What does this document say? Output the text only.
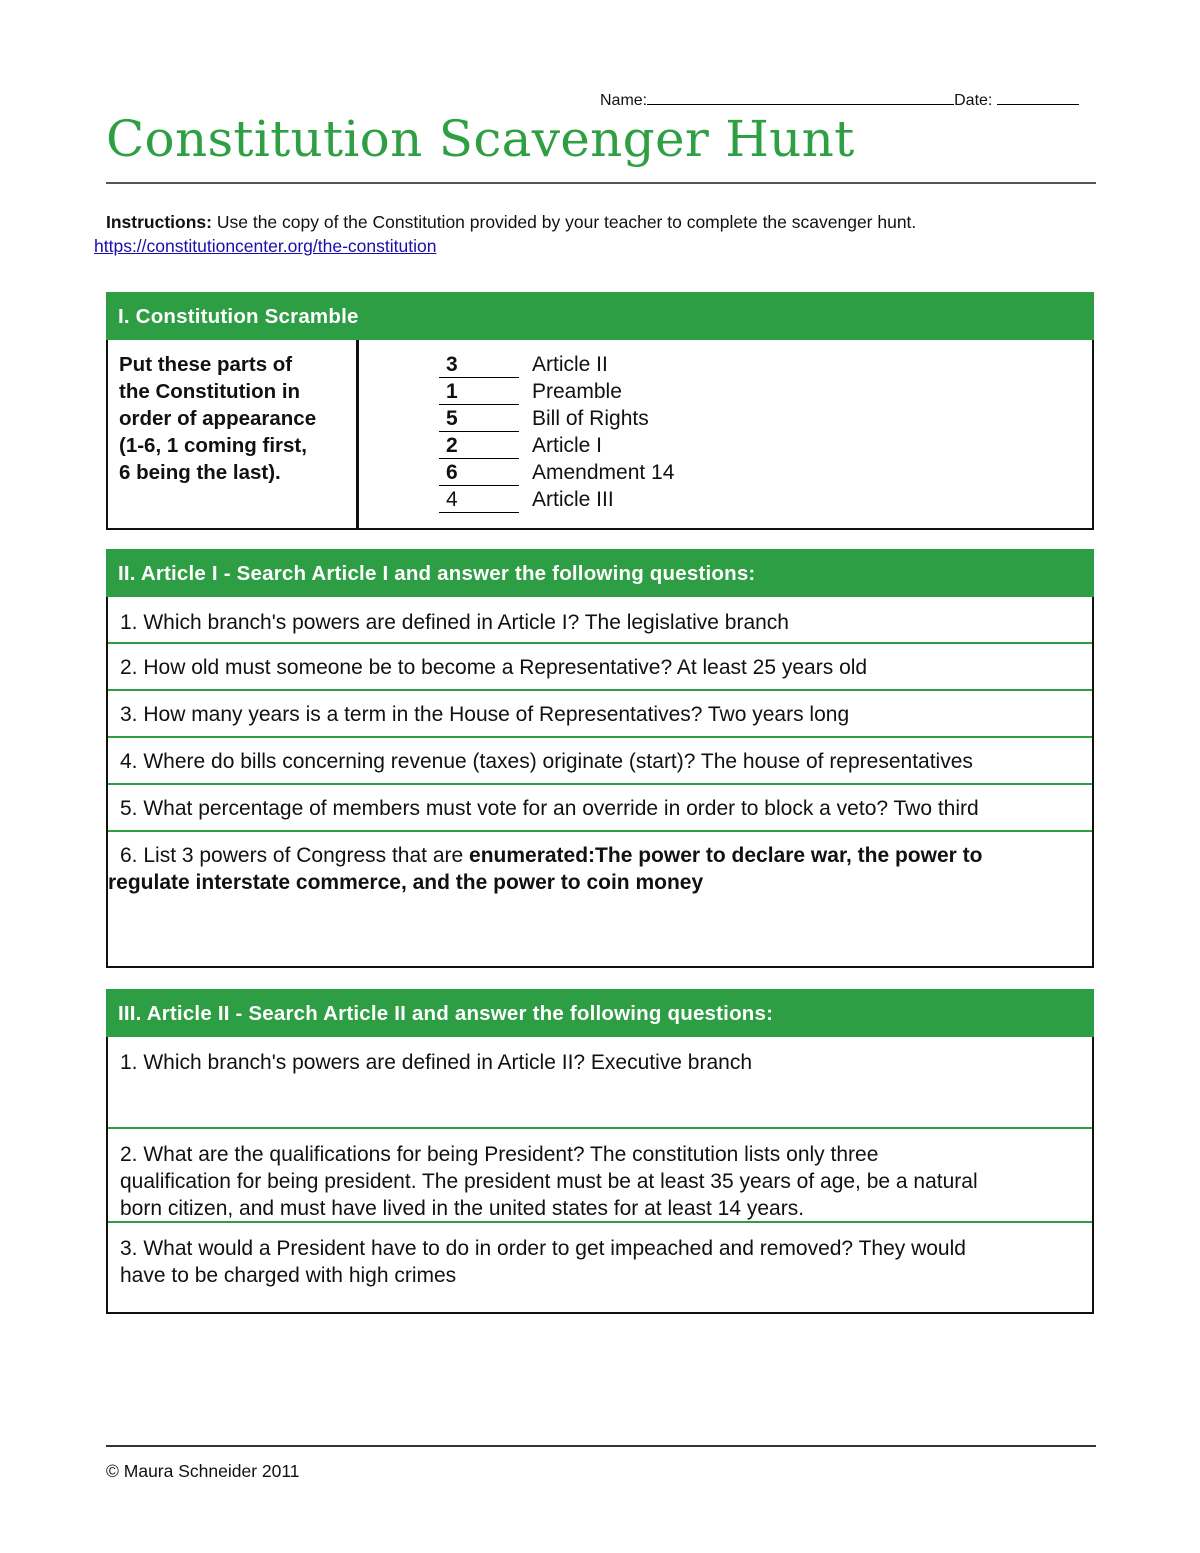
Name:	Date:
Constitution Scavenger Hunt
Instructions: Use the copy of the Constitution provided by your teacher to complete the scavenger hunt.
https://constitutioncenter.org/the-constitution
I. Constitution Scramble
Put these parts of
the Constitution in
order of appearance
(1-6, 1 coming first,
6 being the last).
3	Article II
1	Preamble
5	Bill of Rights
2	Article I
6	Amendment 14
4	Article III
II. Article I - Search Article I and answer the following questions:
1. Which branch's powers are defined in Article I? The legislative branch
2. How old must someone be to become a Representative? At least 25 years old
3. How many years is a term in the House of Representatives? Two years long
4. Where do bills concerning revenue (taxes) originate (start)? The house of representatives
5. What percentage of members must vote for an override in order to block a veto? Two third
6. List 3 powers of Congress that are enumerated:The power to declare war, the power to
regulate interstate commerce, and the power to coin money
III. Article II - Search Article II and answer the following questions:
1. Which branch's powers are defined in Article II? Executive branch
2. What are the qualifications for being President? The constitution lists only three
qualification for being president. The president must be at least 35 years of age, be a natural
born citizen, and must have lived in the united states for at least 14 years.
3. What would a President have to do in order to get impeached and removed? They would
have to be charged with high crimes
© Maura Schneider 2011
